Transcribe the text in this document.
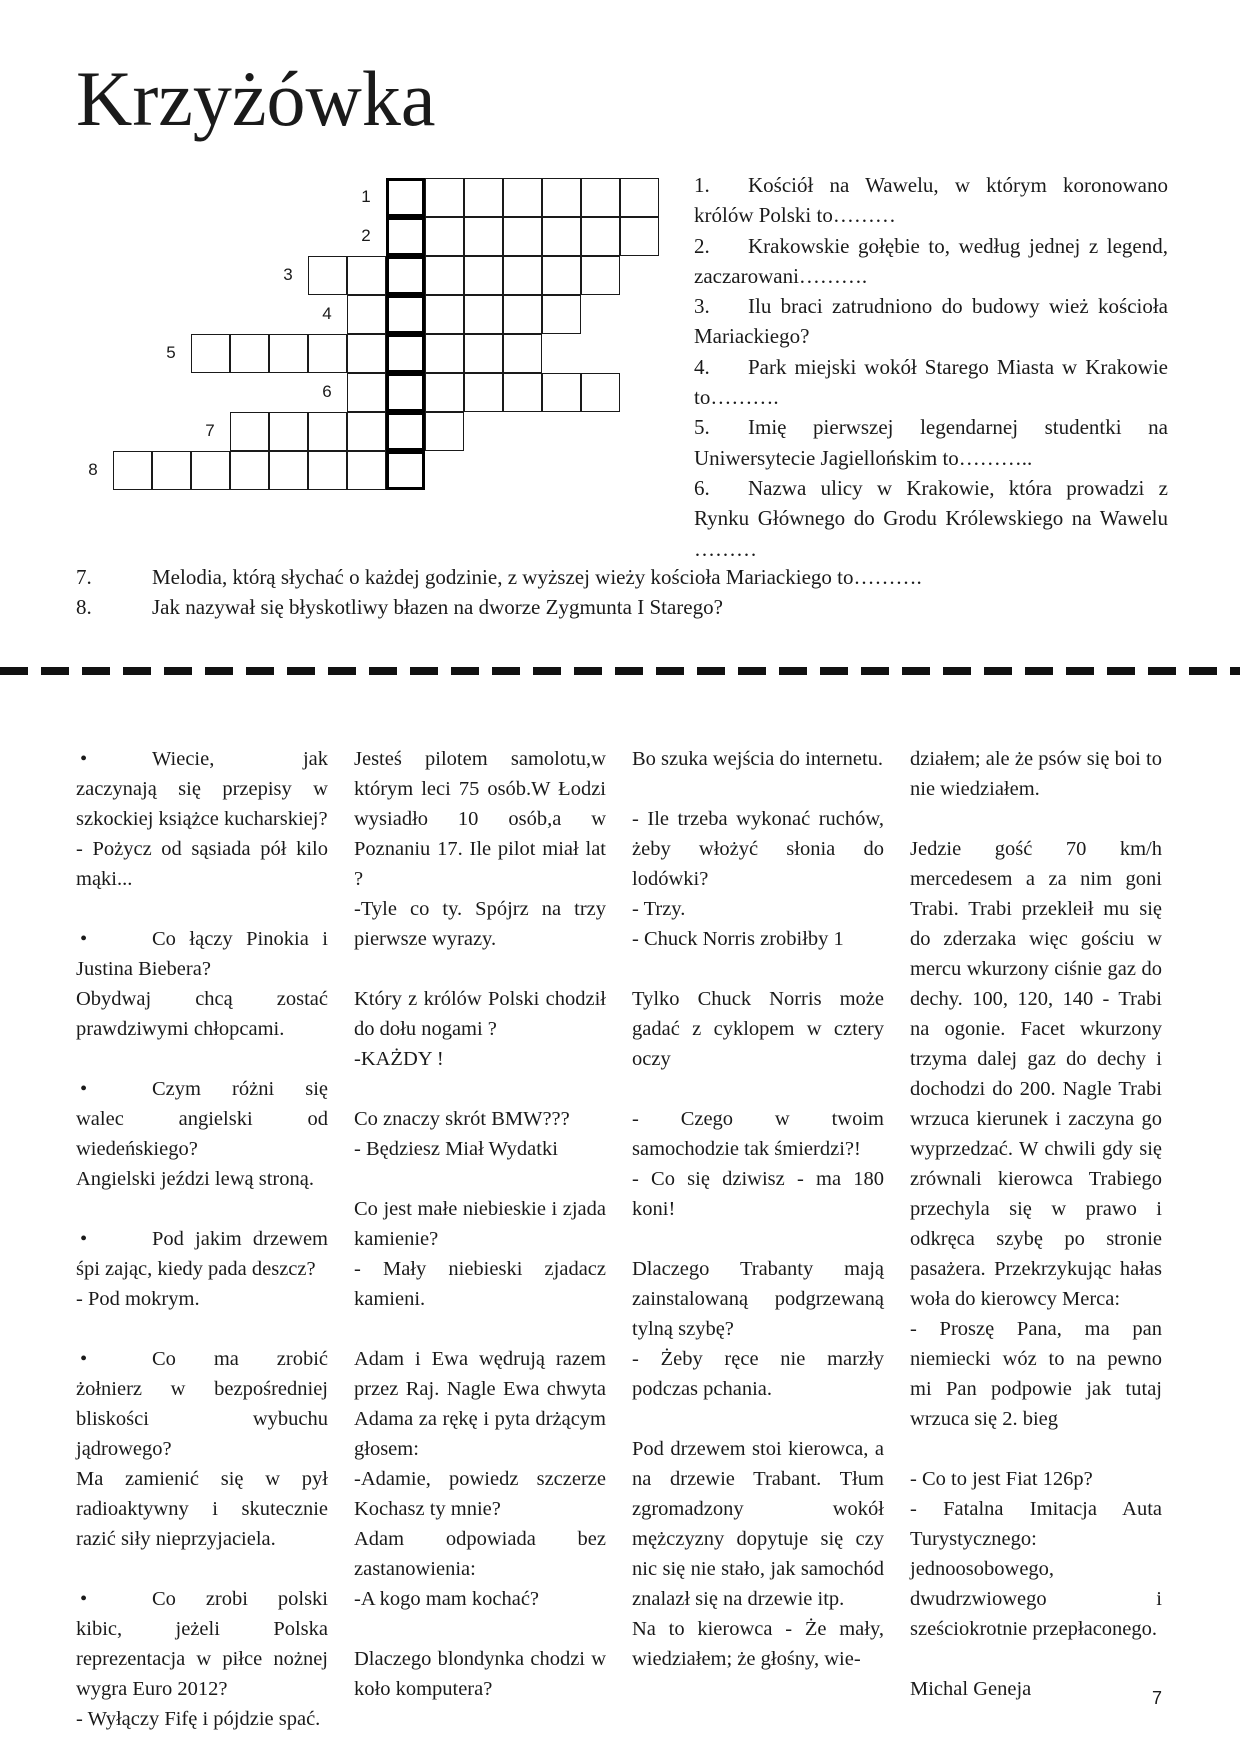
Krzyżówka
1
2
3
4
5
6
7
8

1. Kościół na Wawelu, w którym koronowano królów Polski to………

2. Krakowskie gołębie to, według jednej z legend, zaczarowani……….

3. Ilu braci zatrudniono do budowy wież kościoła Mariackiego?

4. Park miejski wokół Starego Miasta w Krakowie to……….

5. Imię pierwszej legendarnej studentki na Uniwersytecie Jagiellońskim to………..

6. Nazwa ulicy w Krakowie, która prowadzi z Rynku Głównego do Grodu Królewskiego na Wawelu ………

7.	Melodia, którą słychać o każdej godzinie, z wyższej wieży kościoła Mariackiego to……….
8.	Jak nazywał się błyskotliwy błazen na dworze Zygmunta I Starego?

•	Wiecie, jak zaczynają się przepisy w szkockiej książce kucharskiej?
- Pożycz od sąsiada pół kilo mąki...

•	Co łączy Pinokia i Justina Biebera?
Obydwaj chcą zostać prawdziwymi chłopcami.

•	Czym różni się walec angielski od wiedeńskiego?
Angielski jeździ lewą stroną.

•	Pod jakim drzewem śpi zając, kiedy pada deszcz?
- Pod mokrym.

•	Co ma zrobić żołnierz w bezpośredniej bliskości wybuchu jądrowego?
Ma zamienić się w pył radioaktywny i skutecznie razić siły nieprzyjaciela.

•	Co zrobi polski kibic, jeżeli Polska reprezentacja w piłce nożnej wygra Euro 2012?
- Wyłączy Fifę i pójdzie spać.

Jesteś pilotem samolotu,w którym leci 75 osób.W Łodzi wysiadło 10 osób,a w Poznaniu 17. Ile pilot miał lat ?
-Tyle co ty. Spójrz na trzy pierwsze wyrazy.

Który z królów Polski chodził do dołu nogami ?
-KAŻDY !

Co znaczy skrót BMW???
- Będziesz Miał Wydatki

Co jest małe niebieskie i zjada kamienie?
- Mały niebieski zjadacz kamieni.

Adam i Ewa wędrują razem przez Raj. Nagle Ewa chwyta Adama za rękę i pyta drżącym głosem:
-Adamie, powiedz szczerze Kochasz ty mnie?
Adam odpowiada bez zastanowienia:
-A kogo mam kochać?

Dlaczego blondynka chodzi w koło komputera?

Bo szuka wejścia do internetu.

- Ile trzeba wykonać ruchów, żeby włożyć słonia do lodówki?
- Trzy.
- Chuck Norris zrobiłby 1

Tylko Chuck Norris może gadać z cyklopem w cztery oczy

- Czego w twoim samochodzie tak śmierdzi?!
- Co się dziwisz - ma 180 koni!

Dlaczego Trabanty mają zainstalowaną podgrzewaną tylną szybę?
- Żeby ręce nie marzły podczas pchania.

Pod drzewem stoi kierowca, a na drzewie Trabant. Tłum zgromadzony wokół mężczyzny dopytuje się czy nic się nie stało, jak samochód znalazł się na drzewie itp.
Na to kierowca - Że mały, wiedziałem; że głośny, wie-

działem; ale że psów się boi to nie wiedziałem.

Jedzie gość 70 km/h mercedesem a za nim goni Trabi. Trabi przekleił mu się do zderzaka więc gościu w mercu wkurzony ciśnie gaz do dechy. 100, 120, 140 - Trabi na ogonie. Facet wkurzony trzyma dalej gaz do dechy i dochodzi do 200. Nagle Trabi wrzuca kierunek i zaczyna go wyprzedzać. W chwili gdy się zrównali kierowca Trabiego przechyla się w prawo i odkręca szybę po stronie pasażera. Przekrzykując hałas woła do kierowcy Merca:
- Proszę Pana, ma pan niemiecki wóz to na pewno mi Pan podpowie jak tutaj wrzuca się 2. bieg

- Co to jest Fiat 126p?
- Fatalna Imitacja Auta Turystycznego: jednoosobowego, dwudrzwiowego i sześciokrotnie przepłaconego.

Michal Geneja	7
